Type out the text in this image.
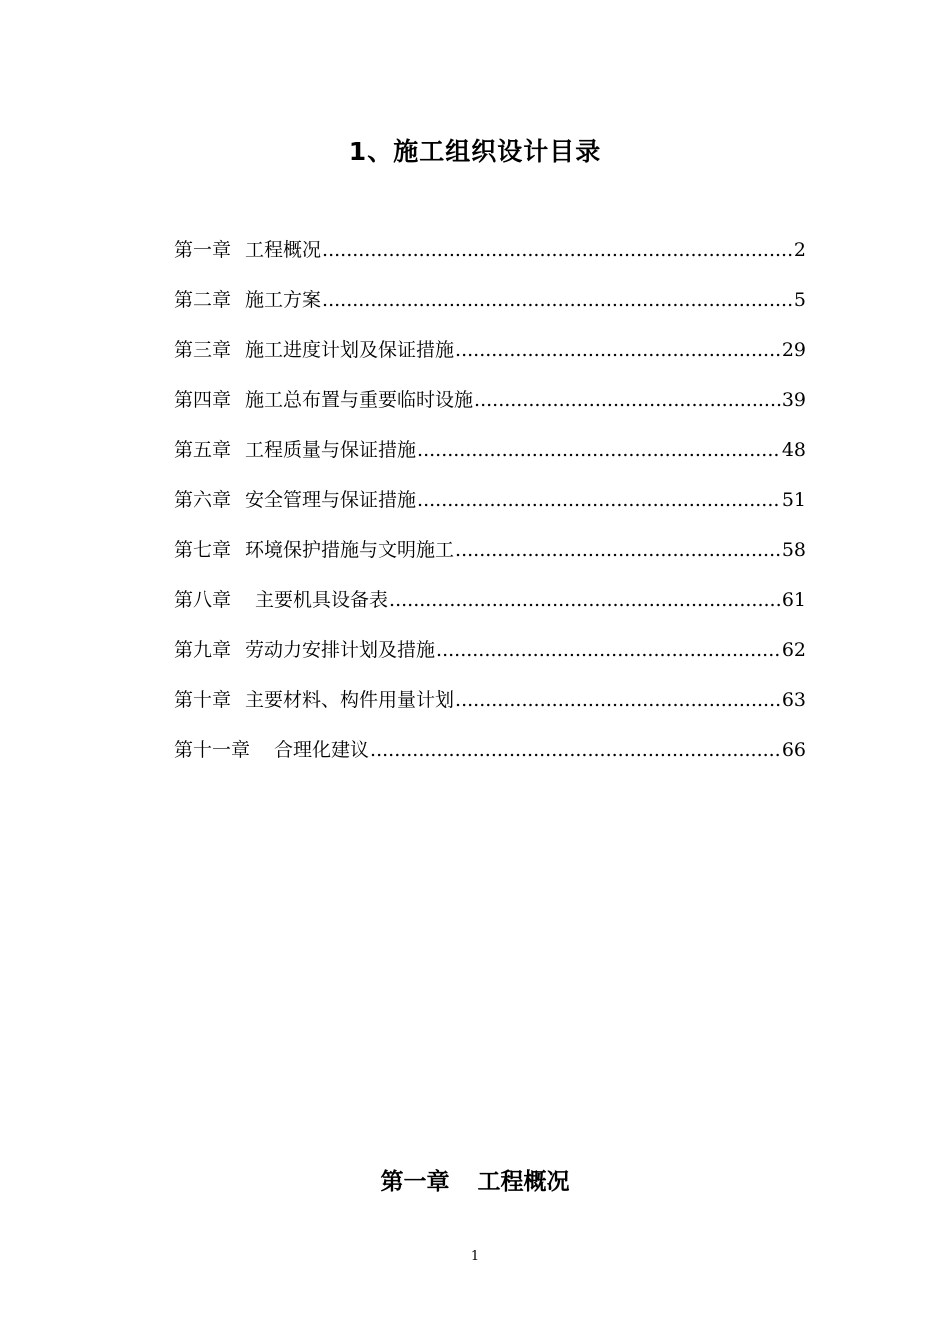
1、施工组织设计目录
第一章 工程概况 .....	2
第二章 施工方案 .....	5
第三章 施工进度计划及保证措施 .....	29
第四章 施工总布置与重要临时设施 .....	39
第五章 工程质量与保证措施 .....	48
第六章 安全管理与保证措施 .....	51
第七章 环境保护措施与文明施工 .....	58
第八章 主要机具设备表 .....	61
第九章 劳动力安排计划及措施 .....	62
第十章 主要材料、构件用量计划 .....	63
第十一章 合理化建议 .....	66
第一章 工程概况
1
